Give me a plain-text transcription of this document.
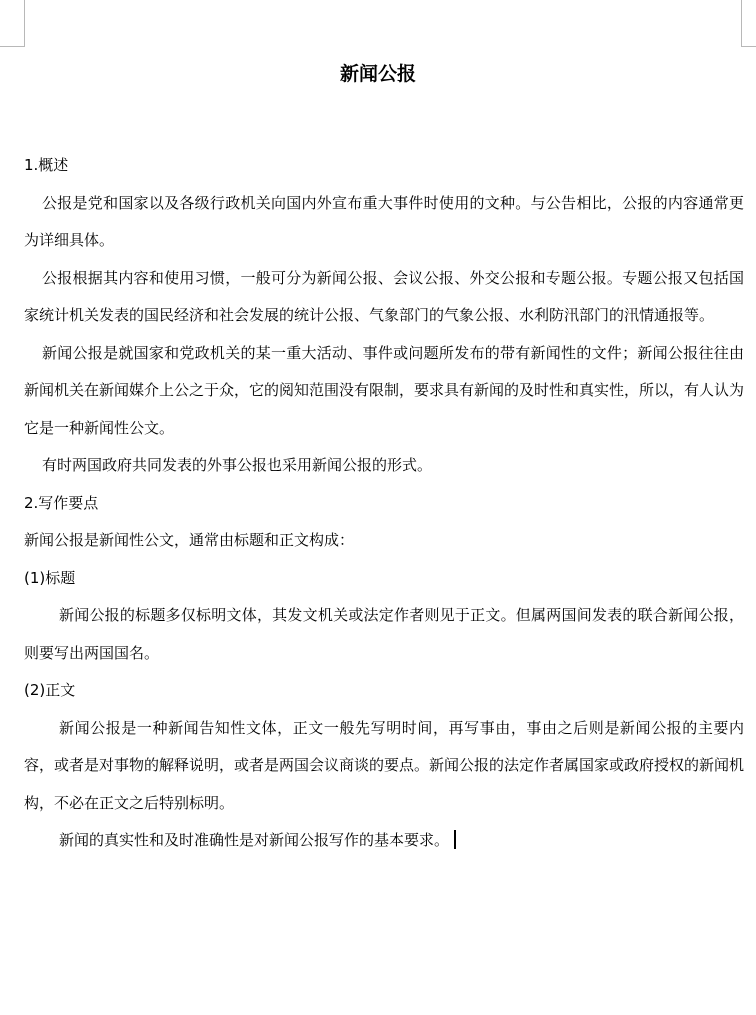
新闻公报

1.概述

公报是党和国家以及各级行政机关向国内外宣布重大事件时使用的文种。与公告相比，公报的内容通常更为详细具体。

公报根据其内容和使用习惯，一般可分为新闻公报、会议公报、外交公报和专题公报。专题公报又包括国家统计机关发表的国民经济和社会发展的统计公报、气象部门的气象公报、水利防汛部门的汛情通报等。

新闻公报是就国家和党政机关的某一重大活动、事件或问题所发布的带有新闻性的文件；新闻公报往往由新闻机关在新闻媒介上公之于众，它的阅知范围没有限制，要求具有新闻的及时性和真实性，所以，有人认为它是一种新闻性公文。

有时两国政府共同发表的外事公报也采用新闻公报的形式。

2.写作要点

新闻公报是新闻性公文，通常由标题和正文构成：

(1)标题

新闻公报的标题多仅标明文体，其发文机关或法定作者则见于正文。但属两国间发表的联合新闻公报，则要写出两国国名。

(2)正文

新闻公报是一种新闻告知性文体，正文一般先写明时间，再写事由，事由之后则是新闻公报的主要内容，或者是对事物的解释说明，或者是两国会议商谈的要点。新闻公报的法定作者属国家或政府授权的新闻机构，不必在正文之后特别标明。

新闻的真实性和及时准确性是对新闻公报写作的基本要求。
